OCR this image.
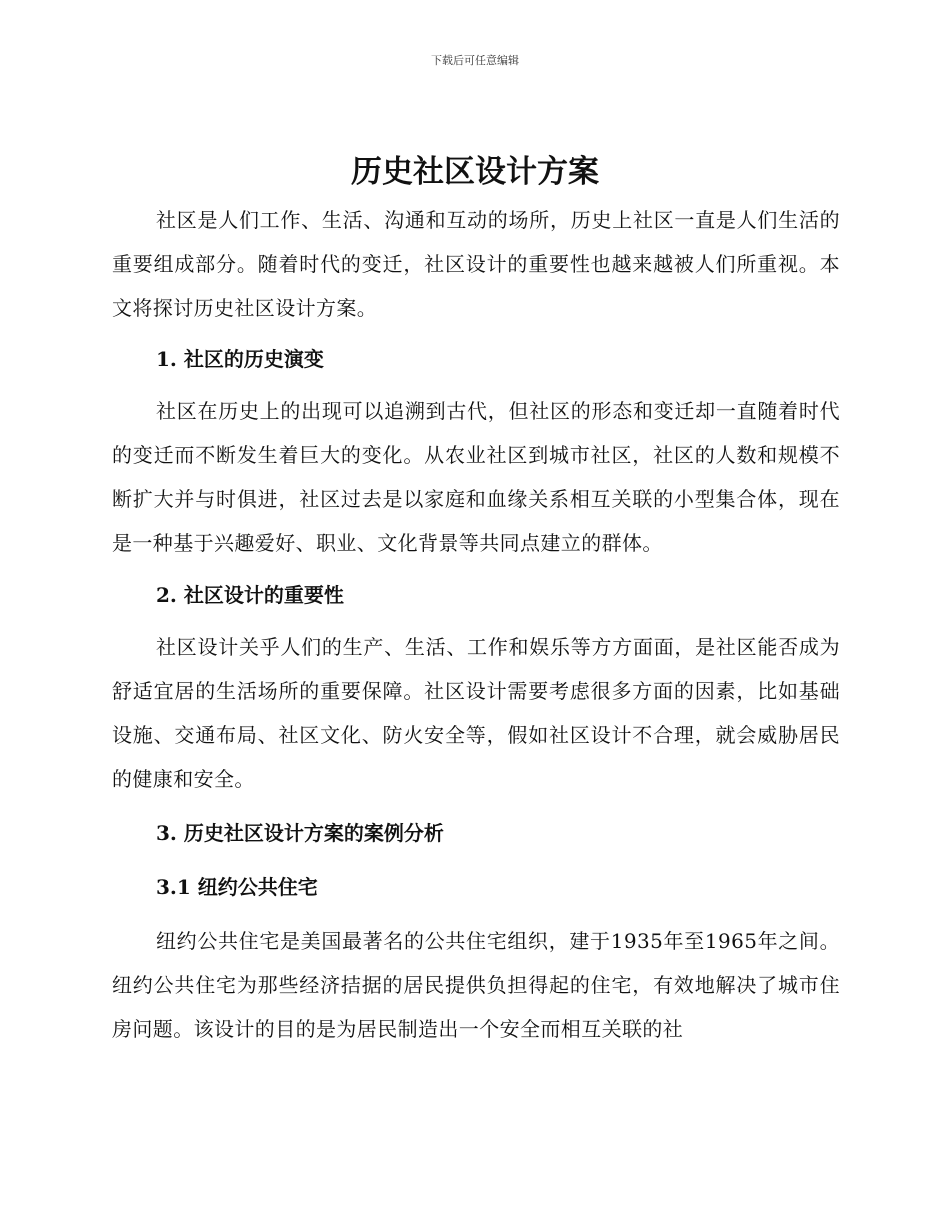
下载后可任意编辑
历史社区设计方案

社区是人们工作、生活、沟通和互动的场所，历史上社区一直是人们生活的重要组成部分。随着时代的变迁，社区设计的重要性也越来越被人们所重视。本文将探讨历史社区设计方案。

1. 社区的历史演变

社区在历史上的出现可以追溯到古代，但社区的形态和变迁却一直随着时代的变迁而不断发生着巨大的变化。从农业社区到城市社区，社区的人数和规模不断扩大并与时俱进，社区过去是以家庭和血缘关系相互关联的小型集合体，现在是一种基于兴趣爱好、职业、文化背景等共同点建立的群体。

2. 社区设计的重要性

社区设计关乎人们的生产、生活、工作和娱乐等方方面面，是社区能否成为舒适宜居的生活场所的重要保障。社区设计需要考虑很多方面的因素，比如基础设施、交通布局、社区文化、防火安全等，假如社区设计不合理，就会威胁居民的健康和安全。

3. 历史社区设计方案的案例分析

3.1 纽约公共住宅

纽约公共住宅是美国最著名的公共住宅组织，建于1935年至1965年之间。纽约公共住宅为那些经济拮据的居民提供负担得起的住宅，有效地解决了城市住房问题。该设计的目的是为居民制造出一个安全而相互关联的社
